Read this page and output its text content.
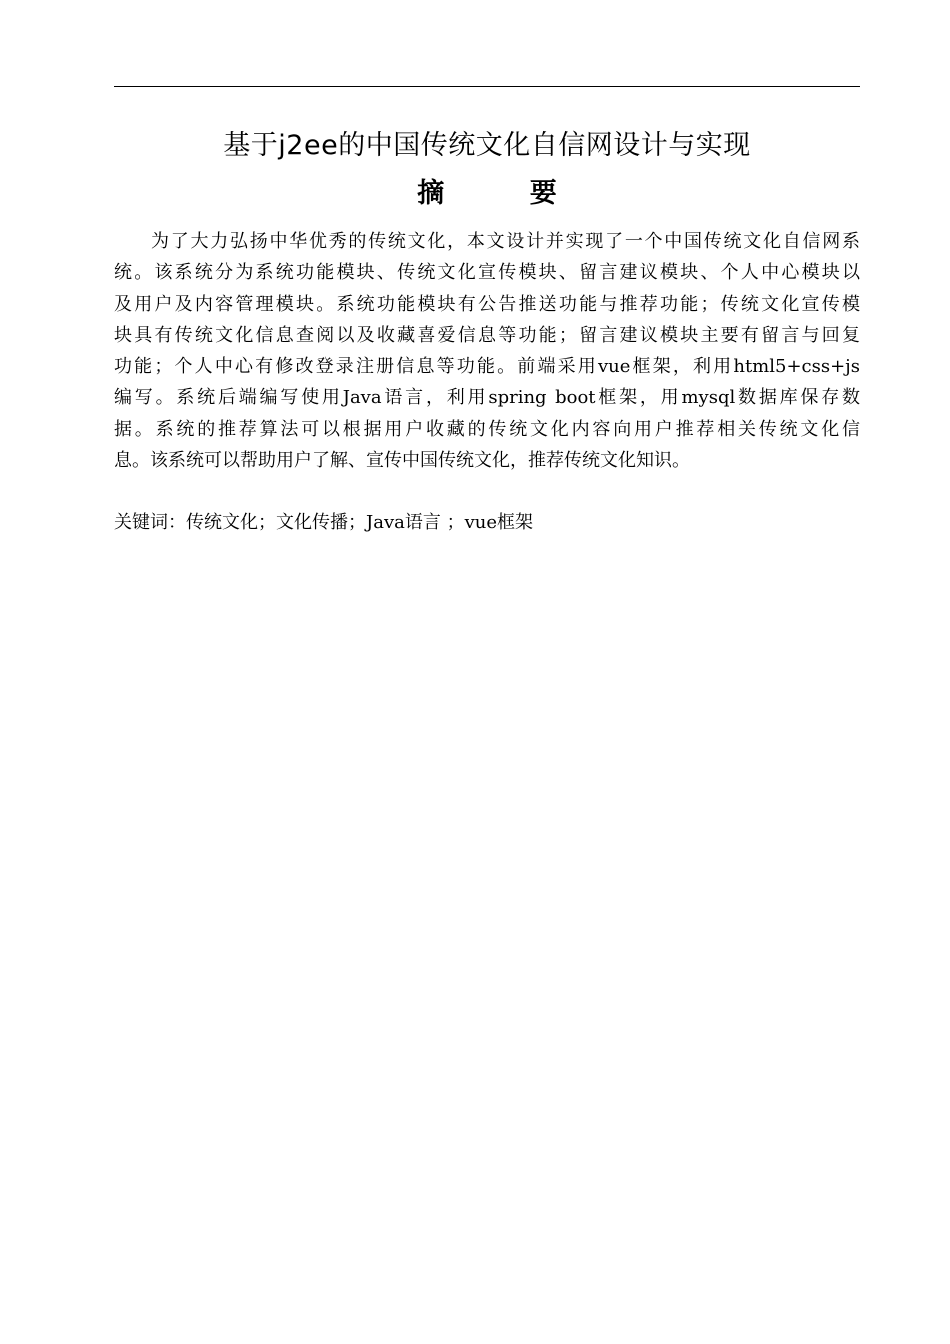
基于j2ee的中国传统文化自信网设计与实现
摘 要
为了大力弘扬中华优秀的传统文化，本文设计并实现了一个中国传统文化自信网系
统。该系统分为系统功能模块、传统文化宣传模块、留言建议模块、个人中心模块以
及用户及内容管理模块。系统功能模块有公告推送功能与推荐功能；传统文化宣传模
块具有传统文化信息查阅以及收藏喜爱信息等功能；留言建议模块主要有留言与回复
功能；个人中心有修改登录注册信息等功能。前端采用vue框架，利用html5+css+js
编写。系统后端编写使用Java语言，利用spring boot框架，用mysql数据库保存数
据。系统的推荐算法可以根据用户收藏的传统文化内容向用户推荐相关传统文化信
息。该系统可以帮助用户了解、宣传中国传统文化，推荐传统文化知识。
关键词：传统文化；文化传播；Java语言 ；vue框架
